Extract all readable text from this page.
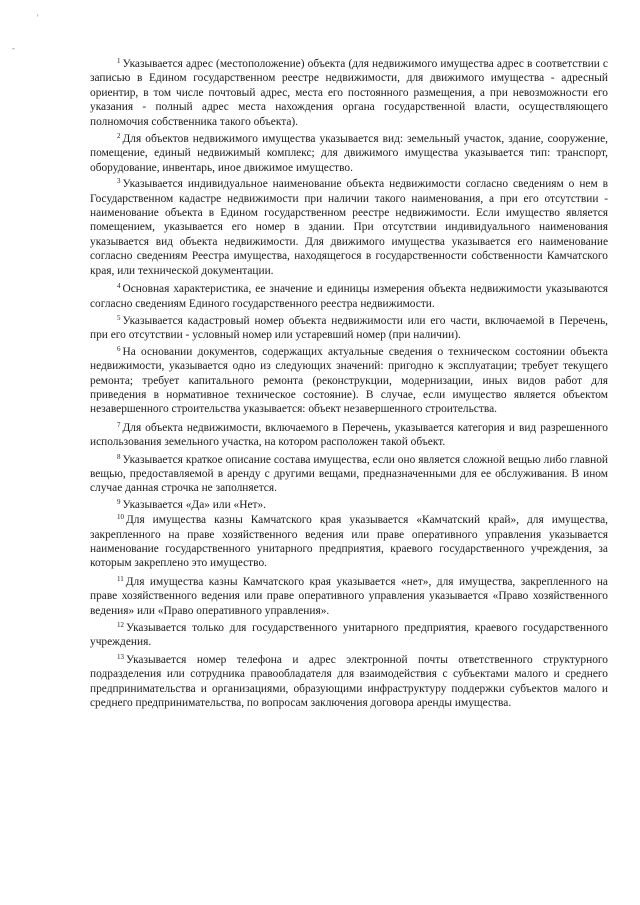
'
-

$^1$ Указывается адрес (местоположение) объекта (для недвижимого имущества адрес в соответствии с записью в Едином государственном реестре недвижимости, для движимого имущества - адресный ориентир, в том числе почтовый адрес, места его постоянного размещения, а при невозможности его указания - полный адрес места нахождения органа государственной власти, осуществляющего полномочия собственника такого объекта).

$^2$ Для объектов недвижимого имущества указывается вид: земельный участок, здание, сооружение, помещение, единый недвижимый комплекс; для движимого имущества указывается тип: транспорт, оборудование, инвентарь, иное движимое имущество.

$^3$ Указывается индивидуальное наименование объекта недвижимости согласно сведениям о нем в Государственном кадастре недвижимости при наличии такого наименования, а при его отсутствии - наименование объекта в Едином государственном реестре недвижимости. Если имущество является помещением, указывается его номер в здании. При отсутствии индивидуального наименования указывается вид объекта недвижимости. Для движимого имущества указывается его наименование согласно сведениям Реестра имущества, находящегося в государственности собственности Камчатского края, или технической документации.

$^4$ Основная характеристика, ее значение и единицы измерения объекта недвижимости указываются согласно сведениям Единого государственного реестра недвижимости.

$^5$ Указывается кадастровый номер объекта недвижимости или его части, включаемой в Перечень, при его отсутствии - условный номер или устаревший номер (при наличии).

$^6$ На основании документов, содержащих актуальные сведения о техническом состоянии объекта недвижимости, указывается одно из следующих значений: пригодно к эксплуатации; требует текущего ремонта; требует капитального ремонта (реконструкции, модернизации, иных видов работ для приведения в нормативное техническое состояние). В случае, если имущество является объектом незавершенного строительства указывается: объект незавершенного строительства.

$^7$ Для объекта недвижимости, включаемого в Перечень, указывается категория и вид разрешенного использования земельного участка, на котором расположен такой объект.

$^8$ Указывается краткое описание состава имущества, если оно является сложной вещью либо главной вещью, предоставляемой в аренду с другими вещами, предназначенными для ее обслуживания. В ином случае данная строчка не заполняется.

$^9$ Указывается «Да» или «Нет».

$^{10}$ Для имущества казны Камчатского края указывается «Камчатский край», для имущества, закрепленного на праве хозяйственного ведения или праве оперативного управления указывается наименование государственного унитарного предприятия, краевого государственного учреждения, за которым закреплено это имущество.

$^{11}$ Для имущества казны Камчатского края указывается «нет», для имущества, закрепленного на праве хозяйственного ведения или праве оперативного управления указывается «Право хозяйственного ведения» или «Право оперативного управления».

$^{12}$ Указывается только для государственного унитарного предприятия, краевого государственного учреждения.

$^{13}$ Указывается номер телефона и адрес электронной почты ответственного структурного подразделения или сотрудника правообладателя для взаимодействия с субъектами малого и среднего предпринимательства и организациями, образующими инфраструктуру поддержки субъектов малого и среднего предпринимательства, по вопросам заключения договора аренды имущества.
